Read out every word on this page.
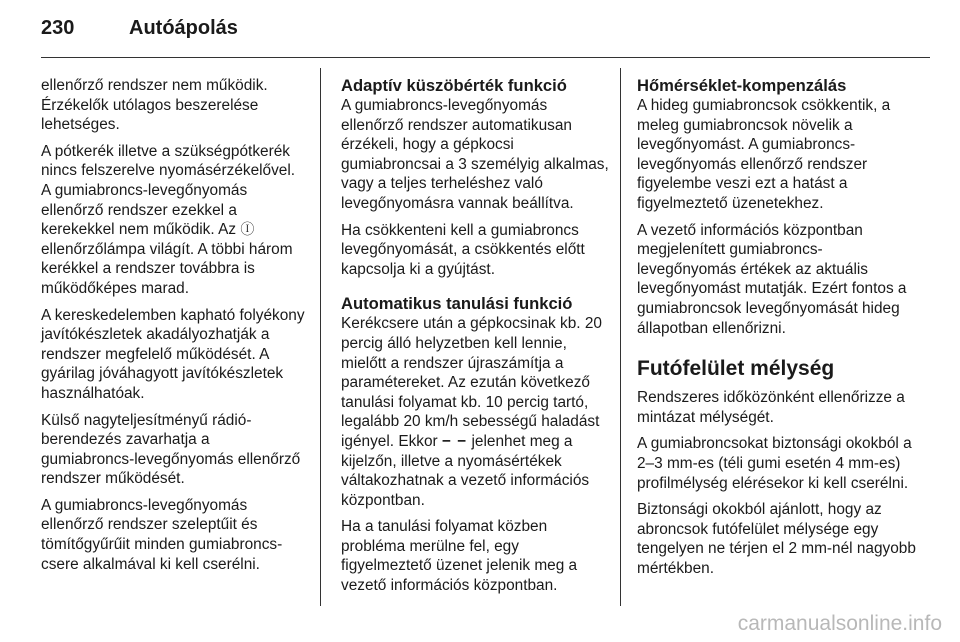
230	Autóápolás

ellenőrző rendszer nem működik. Érzékelők utólagos beszerelése lehetséges.

A pótkerék illetve a szükségpótkerék nincs felszerelve nyomásérzékelővel. A gumiabroncs-levegőnyomás ellenőrző rendszer ezekkel a kerekekkel nem működik. Az Ⓘ ellenőrzőlámpa világít. A többi három kerékkel a rendszer továbbra is működőképes marad.

A kereskedelemben kapható folyékony javítókészletek akadályozhatják a rendszer megfelelő működését. A gyárilag jóváhagyott javítókészletek használhatóak.

Külső nagyteljesítményű rádió-berendezés zavarhatja a gumiabroncs-levegőnyomás ellenőrző rendszer működését.

A gumiabroncs-levegőnyomás ellenőrző rendszer szeleptűit és tömítőgyűrűit minden gumiabroncs-csere alkalmával ki kell cserélni.

Adaptív küszöbérték funkció

A gumiabroncs-levegőnyomás ellenőrző rendszer automatikusan érzékeli, hogy a gépkocsi gumiabroncsai a 3 személyig alkalmas, vagy a teljes terheléshez való levegőnyomásra vannak beállítva.

Ha csökkenteni kell a gumiabroncs levegőnyomását, a csökkentés előtt kapcsolja ki a gyújtást.

Automatikus tanulási funkció

Kerékcsere után a gépkocsinak kb. 20 percig álló helyzetben kell lennie, mielőtt a rendszer újraszámítja a paramétereket. Az ezután következő tanulási folyamat kb. 10 percig tartó, legalább 20 km/h sebességű haladást igényel. Ekkor − − jelenhet meg a kijelzőn, illetve a nyomásértékek váltakozhatnak a vezető információs központban.

Ha a tanulási folyamat közben probléma merülne fel, egy figyelmeztető üzenet jelenik meg a vezető információs központban.

Hőmérséklet-kompenzálás

A hideg gumiabroncsok csökkentik, a meleg gumiabroncsok növelik a levegőnyomást. A gumiabroncs-levegőnyomás ellenőrző rendszer figyelembe veszi ezt a hatást a figyelmeztető üzenetekhez.

A vezető információs központban megjelenített gumiabroncs-levegőnyomás értékek az aktuális levegőnyomást mutatják. Ezért fontos a gumiabroncsok levegőnyomását hideg állapotban ellenőrizni.

Futófelület mélység

Rendszeres időközönként ellenőrizze a mintázat mélységét.

A gumiabroncsokat biztonsági okokból a 2–3 mm-es (téli gumi esetén 4 mm-es) profilmélység elérésekor ki kell cserélni.

Biztonsági okokból ajánlott, hogy az abroncsok futófelület mélysége egy tengelyen ne térjen el 2 mm-nél nagyobb mértékben.

carmanualsonline.info
